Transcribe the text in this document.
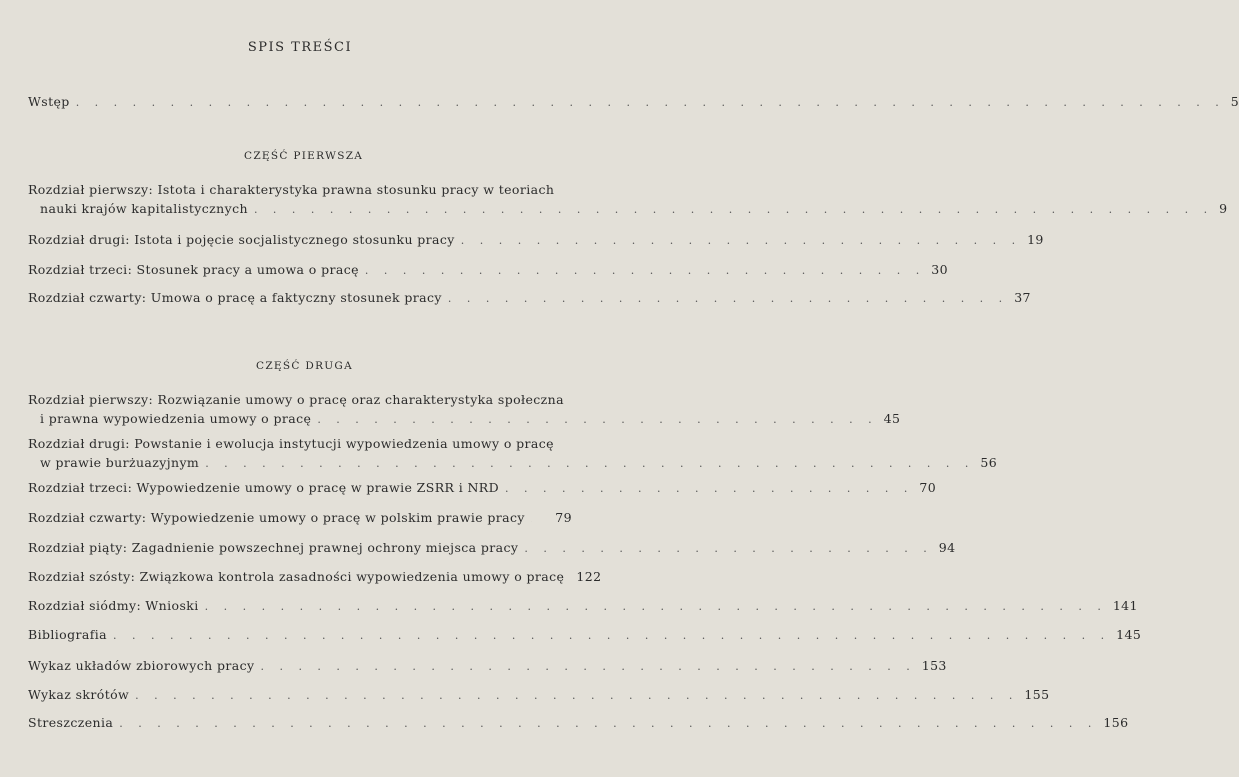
SPIS TREŚCI
Wstęp . . . . . . . . . . . . . . . . . . . . . . . . . . . . . . . . . . . . . . . . . . . . . . . . . . . . . . . . . . . . . 5
CZĘŚĆ PIERWSZA
Rozdział pierwszy: Istota i charakterystyka prawna stosunku pracy w teoriach
nauki krajów kapitalistycznych . . . . . . . . . . . . . . . . . . . . . . . . . . . . . . . . . . . . . . . . . . . . . . . . . . . 9
Rozdział drugi: Istota i pojęcie socjalistycznego stosunku pracy . . . . . . . . . . . . . . . . . . . . . . . . . . . . . . 19
Rozdział trzeci: Stosunek pracy a umowa o pracę . . . . . . . . . . . . . . . . . . . . . . . . . . . . . . 30
Rozdział czwarty: Umowa o pracę a faktyczny stosunek pracy . . . . . . . . . . . . . . . . . . . . . . . . . . . . . . 37
CZĘŚĆ DRUGA
Rozdział pierwszy: Rozwiązanie umowy o pracę oraz charakterystyka społeczna
i prawna wypowiedzenia umowy o pracę . . . . . . . . . . . . . . . . . . . . . . . . . . . . . . 45
Rozdział drugi: Powstanie i ewolucja instytucji wypowiedzenia umowy o pracę
w prawie burżuazyjnym . . . . . . . . . . . . . . . . . . . . . . . . . . . . . . . . . . . . . . . . . 56
Rozdział trzeci: Wypowiedzenie umowy o pracę w prawie ZSRR i NRD . . . . . . . . . . . . . . . . . . . . . . 70
Rozdział czwarty: Wypowiedzenie umowy o pracę w polskim prawie pracy	79
Rozdział piąty: Zagadnienie powszechnej prawnej ochrony miejsca pracy . . . . . . . . . . . . . . . . . . . . . . 94
Rozdział szósty: Związkowa kontrola zasadności wypowiedzenia umowy o pracę 122
Rozdział siódmy: Wnioski . . . . . . . . . . . . . . . . . . . . . . . . . . . . . . . . . . . . . . . . . . . . . . . . 141
Bibliografia . . . . . . . . . . . . . . . . . . . . . . . . . . . . . . . . . . . . . . . . . . . . . . . . . . . . . 145
Wykaz układów zbiorowych pracy . . . . . . . . . . . . . . . . . . . . . . . . . . . . . . . . . . . 153
Wykaz skrótów . . . . . . . . . . . . . . . . . . . . . . . . . . . . . . . . . . . . . . . . . . . . . . . 155
Streszczenia . . . . . . . . . . . . . . . . . . . . . . . . . . . . . . . . . . . . . . . . . . . . . . . . . . . . 156
